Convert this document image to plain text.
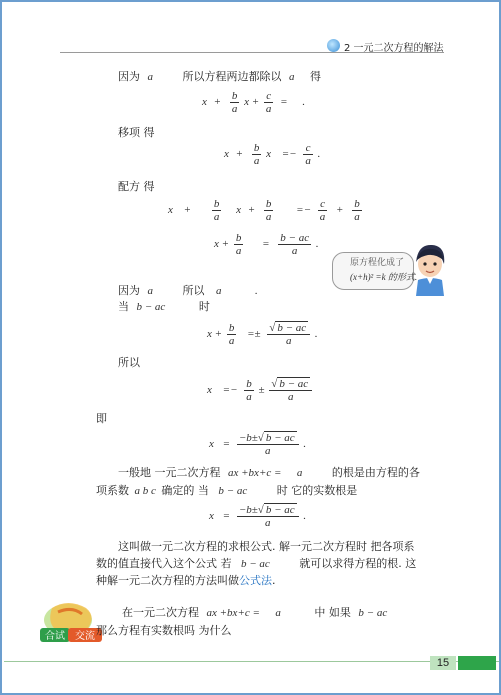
2 一元二次方程的解法
因为 a	所以方程两边都除以 a 得
$x + \frac{b}{a}$ $x + \frac{c}{a}$ = .
移项 得
$x + \frac{b}{a}$ $x =- \frac{c}{a}$ .
配方 得
$x + \frac{b}{a}$ $x + \frac{b}{a} =- \frac{c}{a} + \frac{b}{a}$
$x + \frac{b}{a} = \frac{b - ac}{a}$ .
原方程化成了
(x+h)² =k 的形式.
因为 a	所以 a	.
当 b − ac	时
$x + \frac{b}{a} =\pm \frac{√ b - ac}{a}$ .
所以
$x =- \frac{b}{a} \pm \frac{√ b - ac}{a}$
即
$x = \frac{-b\pm√ b - ac}{a}$ .
一般地 一元二次方程 ax +bx+c = a	的根是由方程的各
项系数 a b c 确定的 当 b − ac	时 它的实数根是
$x = \frac{-b\pm√ b - ac}{a}$ .
这叫做一元二次方程的求根公式. 解一元二次方程时 把各项系
数的值直接代入这个公式 若 b − ac	就可以求得方程的根. 这
种解一元二次方程的方法叫做公式法.
合试 交流
在一元二次方程 ax +bx+c = a	中 如果 b − ac
那么方程有实数根吗 为什么
15
